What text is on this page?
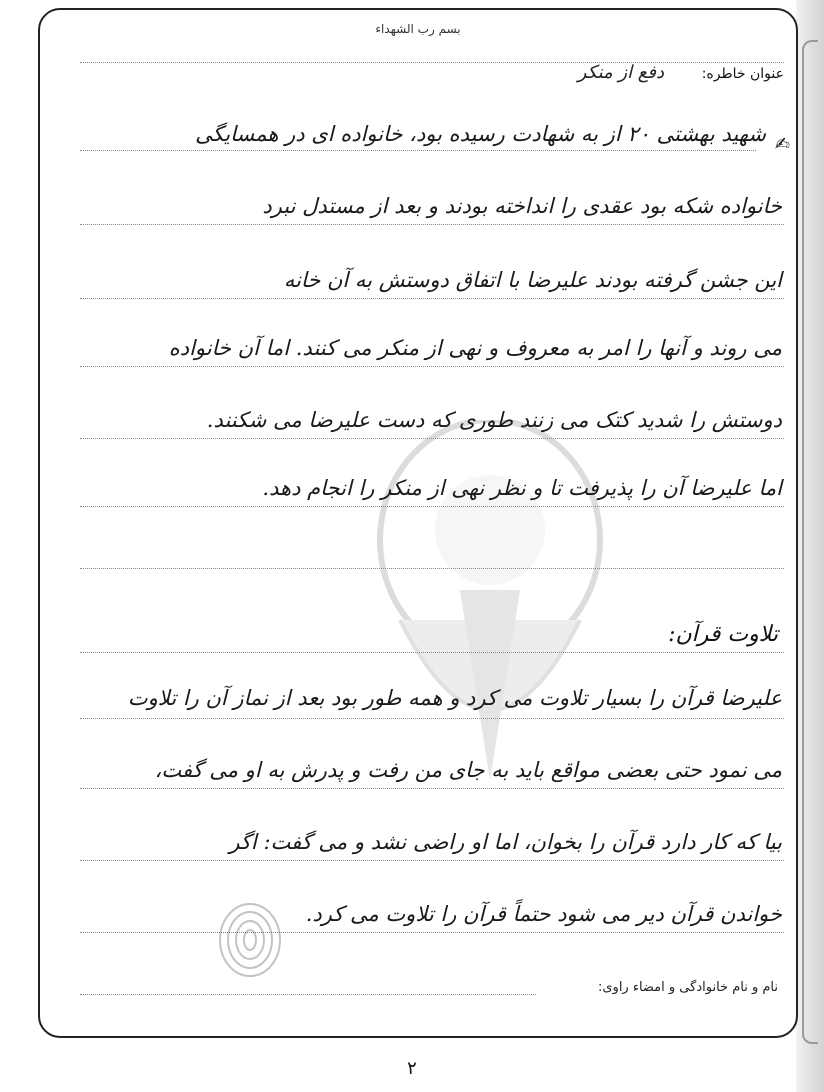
بسم رب الشهداء
عنوان خاطره:
دفع از منکر
✍
شهید بهشتی ۲۰ از به شهادت رسیده بود، خانواده ای در همسایگی
خانواده شکه بود عقدی را انداخته بودند و بعد از مستدل نبرد
این جشن گرفته بودند علیرضا با اتفاق دوستش به آن خانه
می روند و آنها را امر به معروف و نهی از منکر می کنند. اما آن خانواده
دوستش را شدید کتک می زنند طوری که دست علیرضا می شکنند.
اما علیرضا آن را پذیرفت تا و نظر نهی از منکر را انجام دهد.
تلاوت قرآن:
علیرضا قرآن را بسیار تلاوت می کرد و همه طور بود بعد از نماز آن را تلاوت
می نمود حتی بعضی مواقع باید به جای من رفت و پدرش به او می گفت،
بیا که کار دارد قرآن را بخوان، اما او راضی نشد و می گفت: اگر
خواندن قرآن دیر می شود حتماً قرآن را تلاوت می کرد.
نام و نام خانوادگی و امضاء راوی:
۲
